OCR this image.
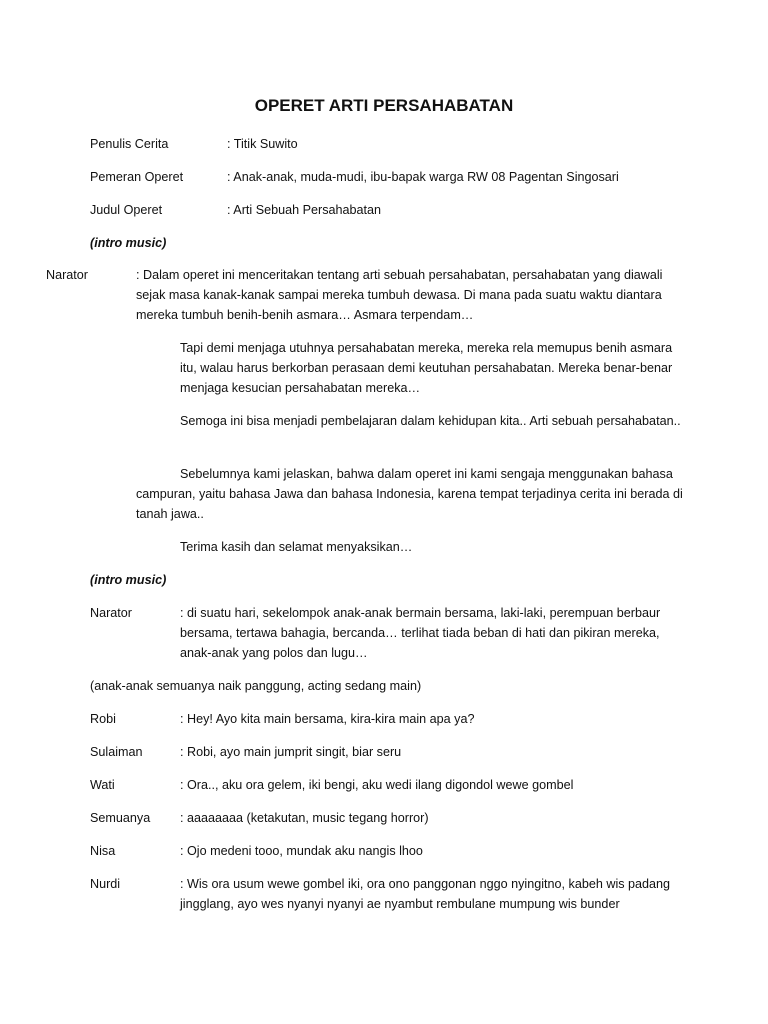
OPERET ARTI PERSAHABATAN
Penulis Cerita	: Titik Suwito
Pemeran Operet	: Anak-anak, muda-mudi, ibu-bapak warga RW 08 Pagentan Singosari
Judul Operet	: Arti Sebuah Persahabatan
(intro music)

Narator	: Dalam operet ini menceritakan tentang arti sebuah persahabatan, persahabatan yang diawali sejak masa kanak-kanak sampai mereka tumbuh dewasa. Di mana pada suatu waktu diantara mereka tumbuh benih-benih asmara… Asmara terpendam…

Tapi demi menjaga utuhnya persahabatan mereka, mereka rela memupus benih asmara itu, walau harus berkorban perasaan demi keutuhan persahabatan. Mereka benar-benar menjaga kesucian persahabatan mereka…

Semoga ini bisa menjadi pembelajaran dalam kehidupan kita.. Arti sebuah persahabatan..

Sebelumnya kami jelaskan, bahwa dalam operet ini kami sengaja menggunakan bahasa campuran, yaitu bahasa Jawa dan bahasa Indonesia, karena tempat terjadinya cerita ini berada di tanah jawa..

Terima kasih dan selamat menyaksikan…

(intro music)

Narator	: di suatu hari, sekelompok anak-anak bermain bersama, laki-laki, perempuan berbaur bersama, tertawa bahagia, bercanda… terlihat tiada beban di hati dan pikiran mereka, anak-anak yang polos dan lugu…

(anak-anak semuanya naik panggung, acting sedang main)

Robi	: Hey! Ayo kita main bersama, kira-kira main apa ya?

Sulaiman	: Robi, ayo main jumprit singit, biar seru

Wati	: Ora.., aku ora gelem, iki bengi, aku wedi ilang digondol wewe gombel

Semuanya : aaaaaaaa (ketakutan, music tegang horror)

Nisa	: Ojo medeni tooo, mundak aku nangis lhoo

Nurdi	: Wis ora usum wewe gombel iki, ora ono panggonan nggo nyingitno, kabeh wis padang jingglang, ayo wes nyanyi nyanyi ae nyambut rembulane mumpung wis bunder
